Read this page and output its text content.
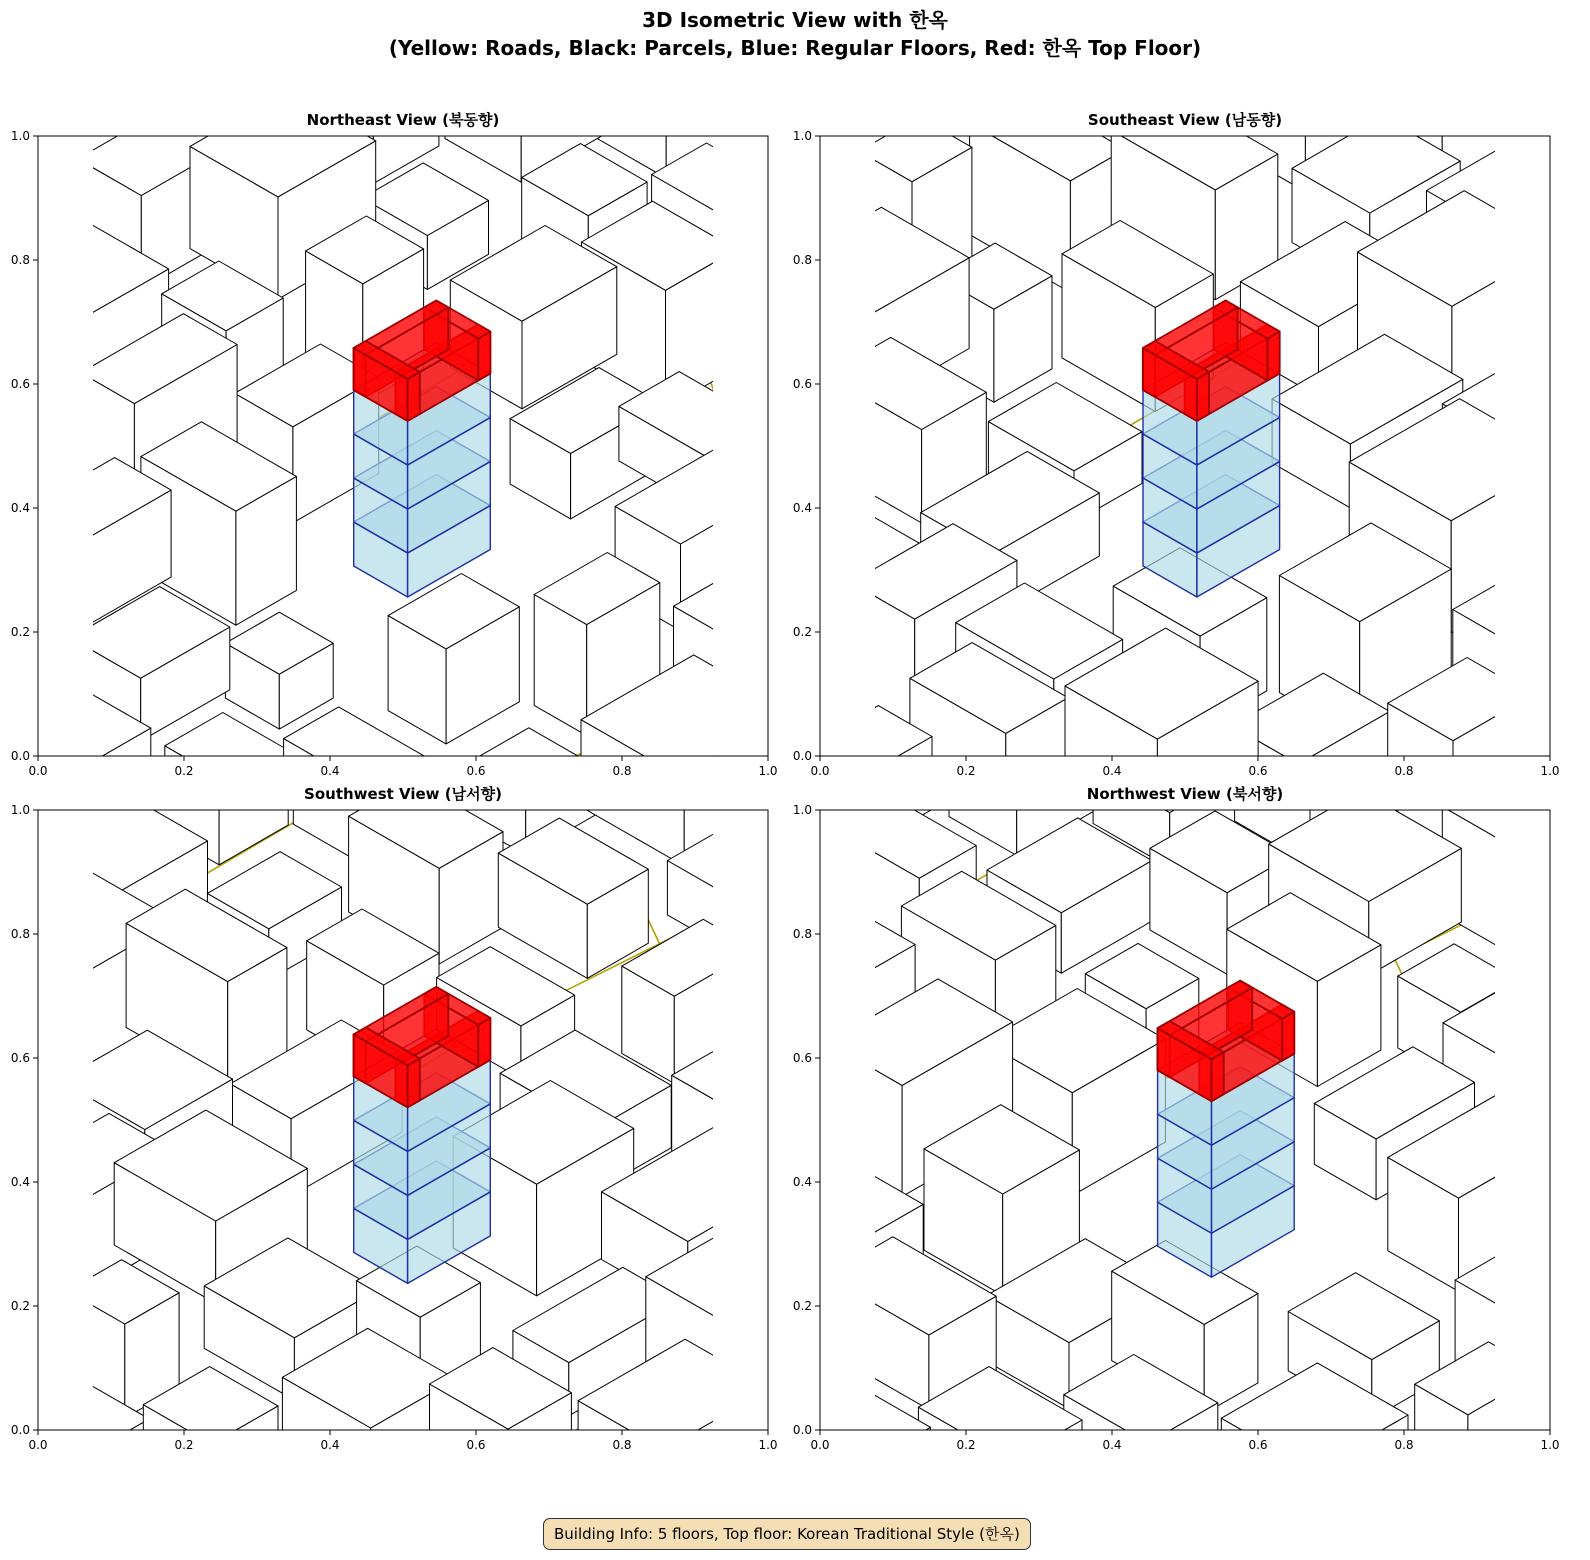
3D Isometric View with 한옥
(Yellow: Roads, Black: Parcels, Blue: Regular Floors, Red: 한옥 Top Floor)
Northeast View (북동향)
0.0	0.2	0.4	0.6	0.8	1.0
0.0
0.2
0.4
0.6
0.8
1.0
Southeast View (남동향)
0.0	0.2	0.4	0.6	0.8	1.0
0.0
0.2
0.4
0.6
0.8
1.0
Southwest View (남서향)
0.0	0.2	0.4	0.6	0.8	1.0
0.0
0.2
0.4
0.6
0.8
1.0
Northwest View (북서향)
0.0	0.2	0.4	0.6	0.8	1.0
0.0
0.2
0.4
0.6
0.8
1.0
Building Info: 5 floors, Top floor: Korean Traditional Style (한옥)
